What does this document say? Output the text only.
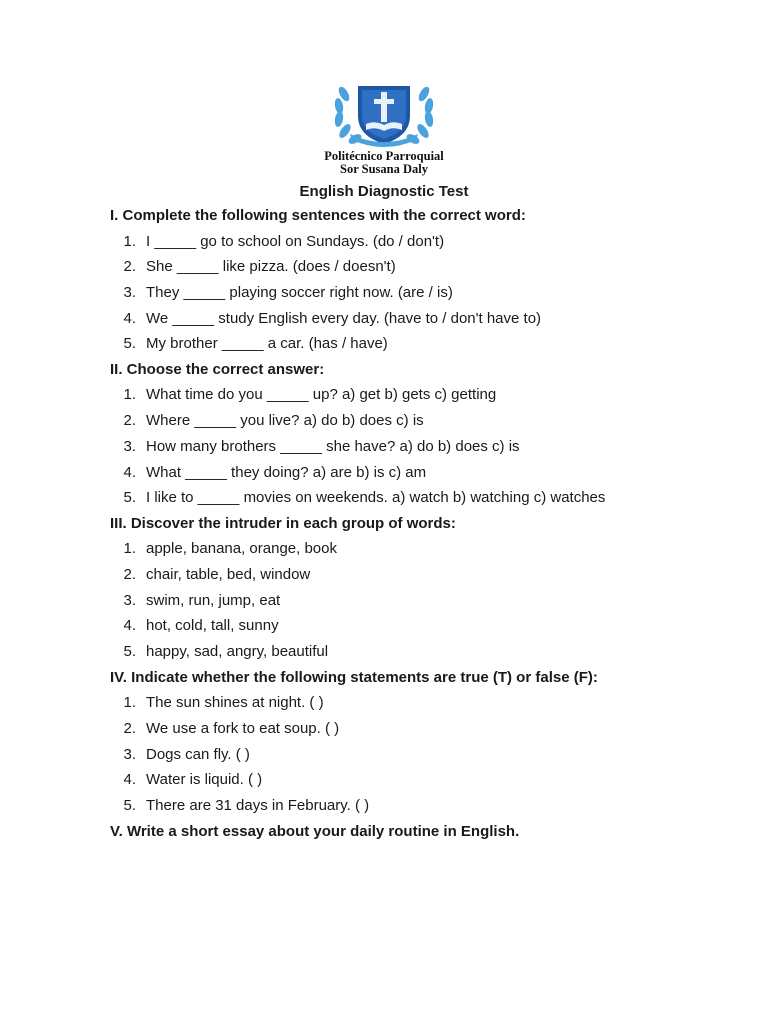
Politécnico Parroquial
Sor Susana Daly
English Diagnostic Test
I. Complete the following sentences with the correct word:
1. I _____ go to school on Sundays. (do / don't)
2. She _____ like pizza. (does / doesn't)
3. They _____ playing soccer right now. (are / is)
4. We _____ study English every day. (have to / don't have to)
5. My brother _____ a car. (has / have)
II. Choose the correct answer:
1. What time do you _____ up? a) get b) gets c) getting
2. Where _____ you live? a) do b) does c) is
3. How many brothers _____ she have? a) do b) does c) is
4. What _____ they doing? a) are b) is c) am
5. I like to _____ movies on weekends. a) watch b) watching c) watches
III. Discover the intruder in each group of words:
1. apple, banana, orange, book
2. chair, table, bed, window
3. swim, run, jump, eat
4. hot, cold, tall, sunny
5. happy, sad, angry, beautiful
IV. Indicate whether the following statements are true (T) or false (F):
1. The sun shines at night. ( )
2. We use a fork to eat soup. ( )
3. Dogs can fly. ( )
4. Water is liquid. ( )
5. There are 31 days in February. ( )
V. Write a short essay about your daily routine in English.
